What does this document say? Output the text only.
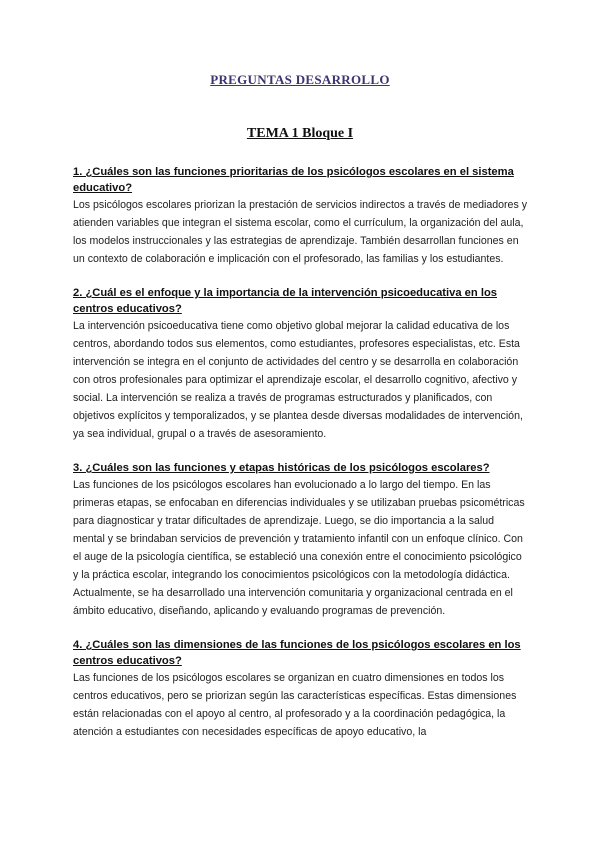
PREGUNTAS DESARROLLO
TEMA 1 Bloque I

1. ¿Cuáles son las funciones prioritarias de los psicólogos escolares en el sistema educativo?

Los psicólogos escolares priorizan la prestación de servicios indirectos a través de mediadores y atienden variables que integran el sistema escolar, como el currículum, la organización del aula, los modelos instruccionales y las estrategias de aprendizaje. También desarrollan funciones en un contexto de colaboración e implicación con el profesorado, las familias y los estudiantes.

2. ¿Cuál es el enfoque y la importancia de la intervención psicoeducativa en los centros educativos?

La intervención psicoeducativa tiene como objetivo global mejorar la calidad educativa de los centros, abordando todos sus elementos, como estudiantes, profesores especialistas, etc. Esta intervención se integra en el conjunto de actividades del centro y se desarrolla en colaboración con otros profesionales para optimizar el aprendizaje escolar, el desarrollo cognitivo, afectivo y social. La intervención se realiza a través de programas estructurados y planificados, con objetivos explícitos y temporalizados, y se plantea desde diversas modalidades de intervención, ya sea individual, grupal o a través de asesoramiento.

3. ¿Cuáles son las funciones y etapas históricas de los psicólogos escolares?

Las funciones de los psicólogos escolares han evolucionado a lo largo del tiempo. En las primeras etapas, se enfocaban en diferencias individuales y se utilizaban pruebas psicométricas para diagnosticar y tratar dificultades de aprendizaje. Luego, se dio importancia a la salud mental y se brindaban servicios de prevención y tratamiento infantil con un enfoque clínico. Con el auge de la psicología científica, se estableció una conexión entre el conocimiento psicológico y la práctica escolar, integrando los conocimientos psicológicos con la metodología didáctica. Actualmente, se ha desarrollado una intervención comunitaria y organizacional centrada en el ámbito educativo, diseñando, aplicando y evaluando programas de prevención.

4. ¿Cuáles son las dimensiones de las funciones de los psicólogos escolares en los centros educativos?

Las funciones de los psicólogos escolares se organizan en cuatro dimensiones en todos los centros educativos, pero se priorizan según las características específicas. Estas dimensiones están relacionadas con el apoyo al centro, al profesorado y a la coordinación pedagógica, la atención a estudiantes con necesidades específicas de apoyo educativo, la
